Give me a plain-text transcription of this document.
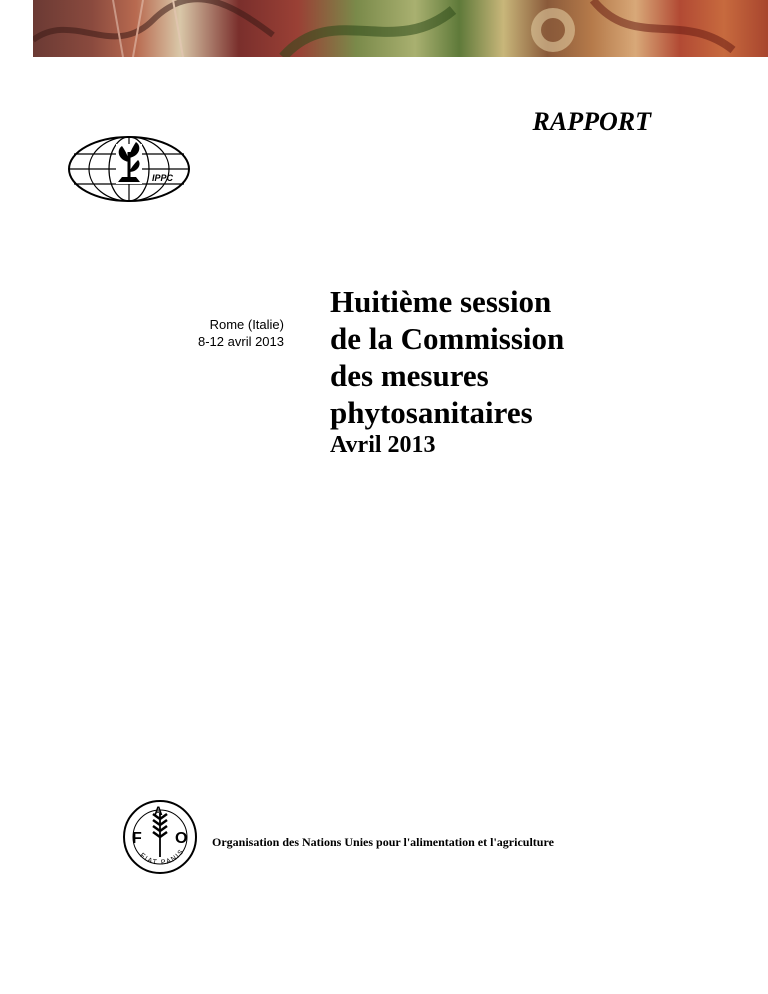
RAPPORT

IPPC
Rome (Italie)
8-12 avril 2013
Huitième session
de la Commission
des mesures
phytosanitaires
Avril 2013
F
A
O
FIAT PANIS
Organisation des Nations Unies pour l'alimentation et l'agriculture
